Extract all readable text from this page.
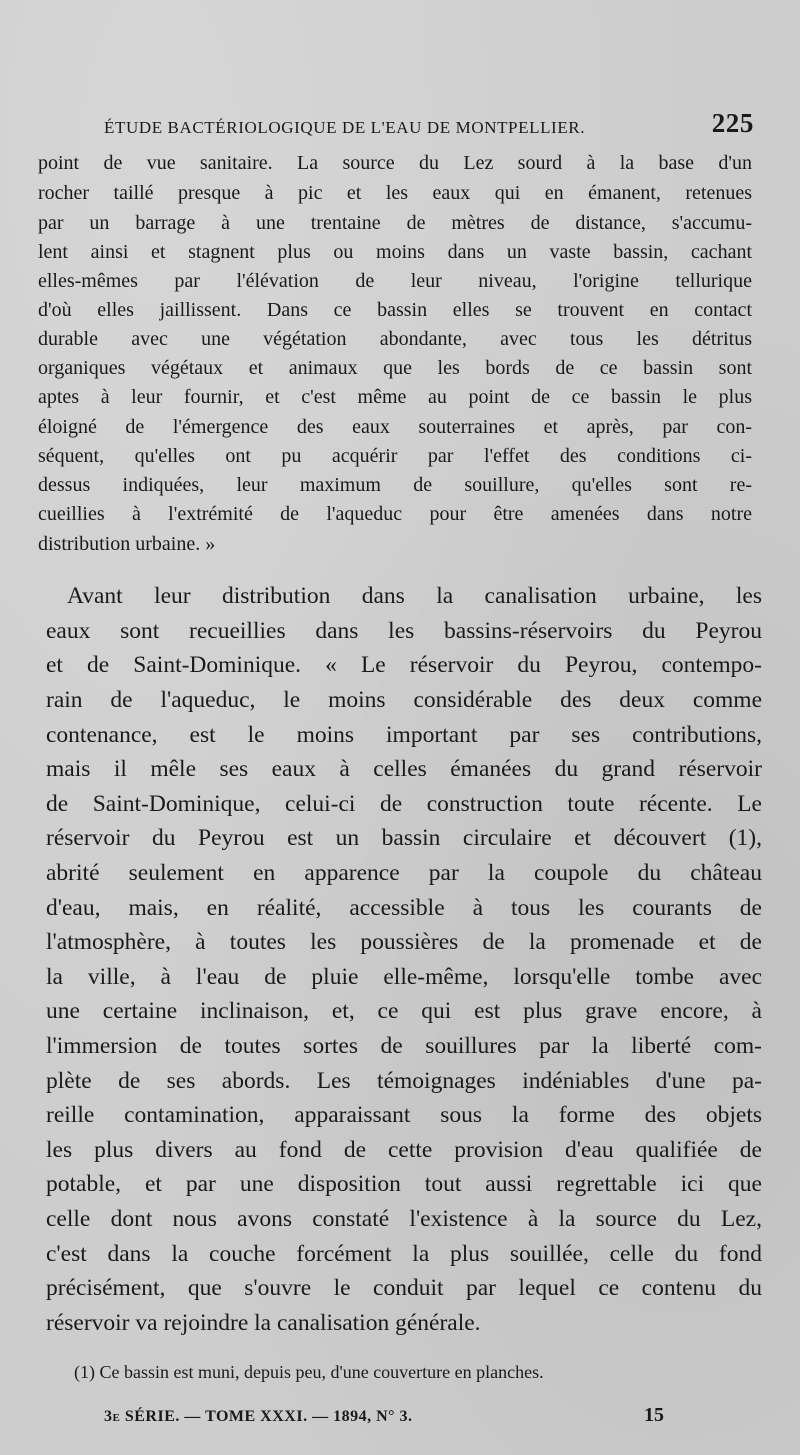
ÉTUDE BACTÉRIOLOGIQUE DE L'EAU DE MONTPELLIER.	225
point de vue sanitaire. La source du Lez sourd à la base d'un
rocher taillé presque à pic et les eaux qui en émanent, retenues
par un barrage à une trentaine de mètres de distance, s'accumu-
lent ainsi et stagnent plus ou moins dans un vaste bassin, cachant
elles-mêmes par l'élévation de leur niveau, l'origine tellurique
d'où elles jaillissent. Dans ce bassin elles se trouvent en contact
durable avec une végétation abondante, avec tous les détritus
organiques végétaux et animaux que les bords de ce bassin sont
aptes à leur fournir, et c'est même au point de ce bassin le plus
éloigné de l'émergence des eaux souterraines et après, par con-
séquent, qu'elles ont pu acquérir par l'effet des conditions ci-
dessus indiquées, leur maximum de souillure, qu'elles sont re-
cueillies à l'extrémité de l'aqueduc pour être amenées dans notre
distribution urbaine. »
Avant leur distribution dans la canalisation urbaine, les
eaux sont recueillies dans les bassins-réservoirs du Peyrou
et de Saint-Dominique. « Le réservoir du Peyrou, contempo-
rain de l'aqueduc, le moins considérable des deux comme
contenance, est le moins important par ses contributions,
mais il mêle ses eaux à celles émanées du grand réservoir
de Saint-Dominique, celui-ci de construction toute récente. Le
réservoir du Peyrou est un bassin circulaire et découvert (1),
abrité seulement en apparence par la coupole du château
d'eau, mais, en réalité, accessible à tous les courants de
l'atmosphère, à toutes les poussières de la promenade et de
la ville, à l'eau de pluie elle-même, lorsqu'elle tombe avec
une certaine inclinaison, et, ce qui est plus grave encore, à
l'immersion de toutes sortes de souillures par la liberté com-
plète de ses abords. Les témoignages indéniables d'une pa-
reille contamination, apparaissant sous la forme des objets
les plus divers au fond de cette provision d'eau qualifiée de
potable, et par une disposition tout aussi regrettable ici que
celle dont nous avons constaté l'existence à la source du Lez,
c'est dans la couche forcément la plus souillée, celle du fond
précisément, que s'ouvre le conduit par lequel ce contenu du
réservoir va rejoindre la canalisation générale.
(1) Ce bassin est muni, depuis peu, d'une couverture en planches.
3e SÉRIE. — TOME XXXI. — 1894, N° 3.	15
